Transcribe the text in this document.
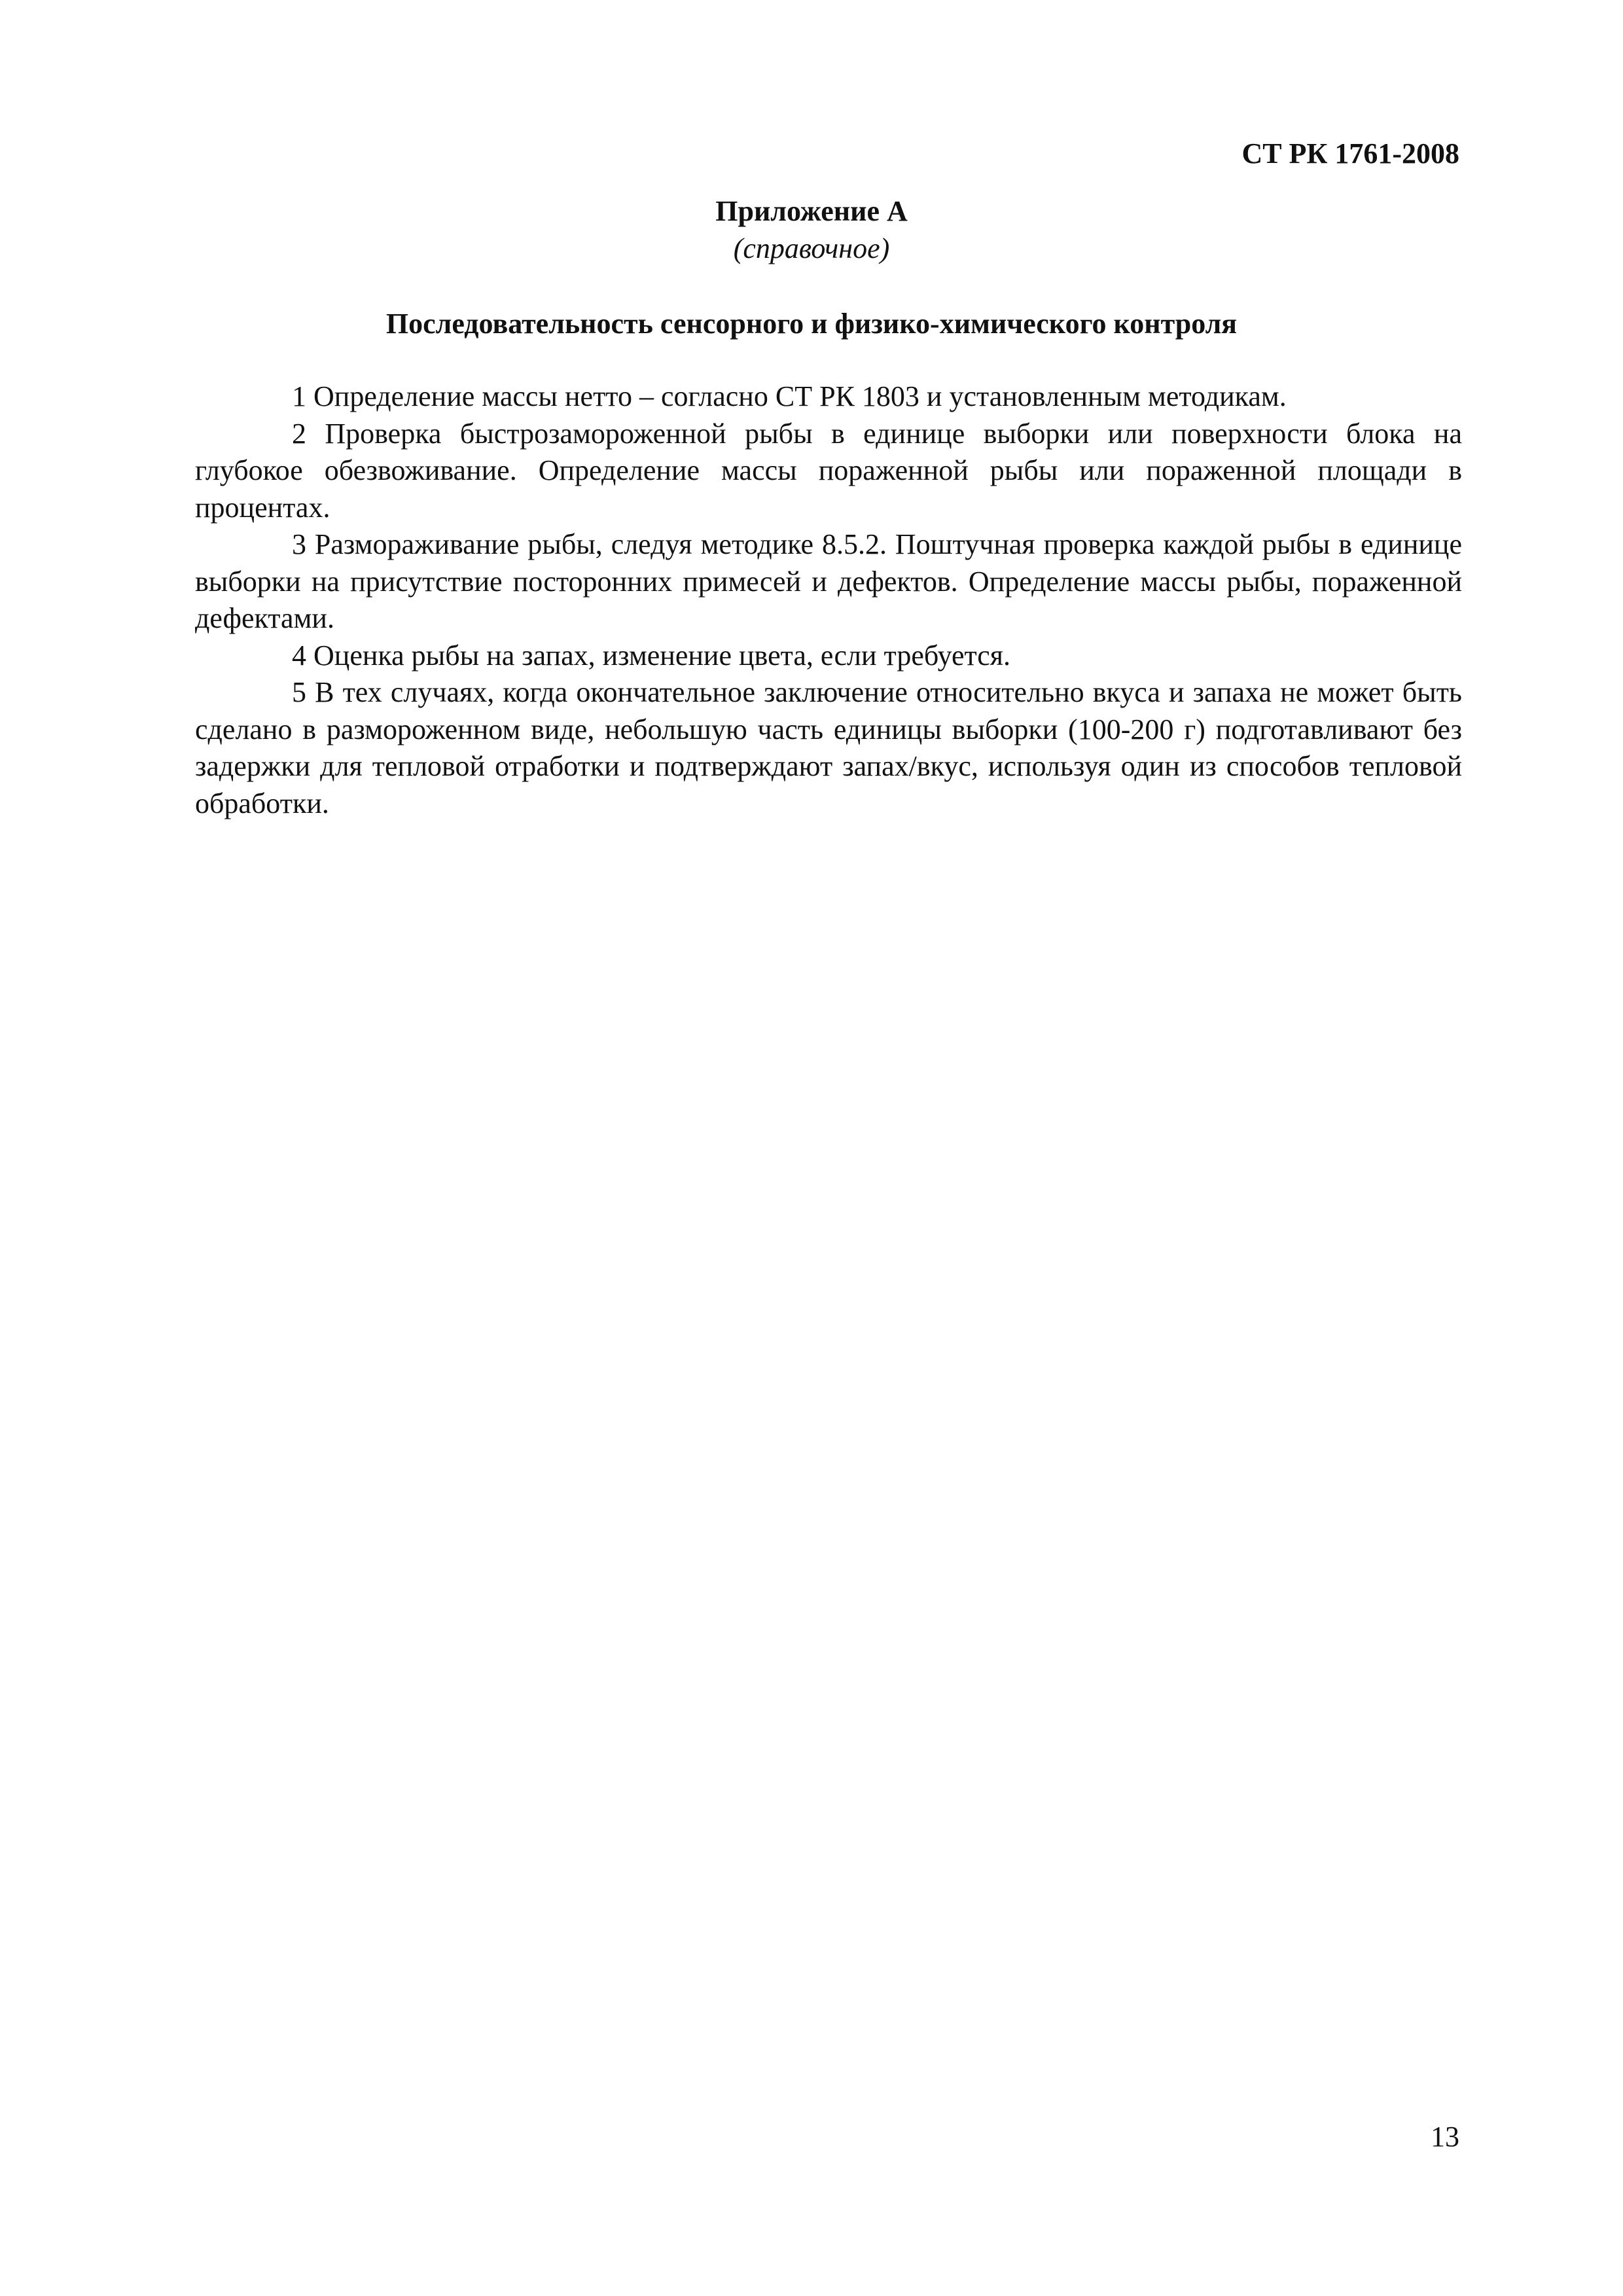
СТ РК 1761-2008
Приложение А
(справочное)
Последовательность сенсорного и физико-химического контроля

1 Определение массы нетто – согласно СТ РК 1803 и установленным методикам.

2 Проверка быстрозамороженной рыбы в единице выборки или поверхности блока на глубокое обезвоживание. Определение массы пораженной рыбы или пораженной площади в процентах.

3 Размораживание рыбы, следуя методике 8.5.2. Поштучная проверка каждой рыбы в единице выборки на присутствие посторонних примесей и дефектов. Определение массы рыбы, пораженной дефектами.

4 Оценка рыбы на запах, изменение цвета, если требуется.

5 В тех случаях, когда окончательное заключение относительно вкуса и запаха не может быть сделано в размороженном виде, небольшую часть единицы выборки (100-200 г) подготавливают без задержки для тепловой отработки и подтверждают запах/вкус, используя один из способов тепловой обработки.

13
